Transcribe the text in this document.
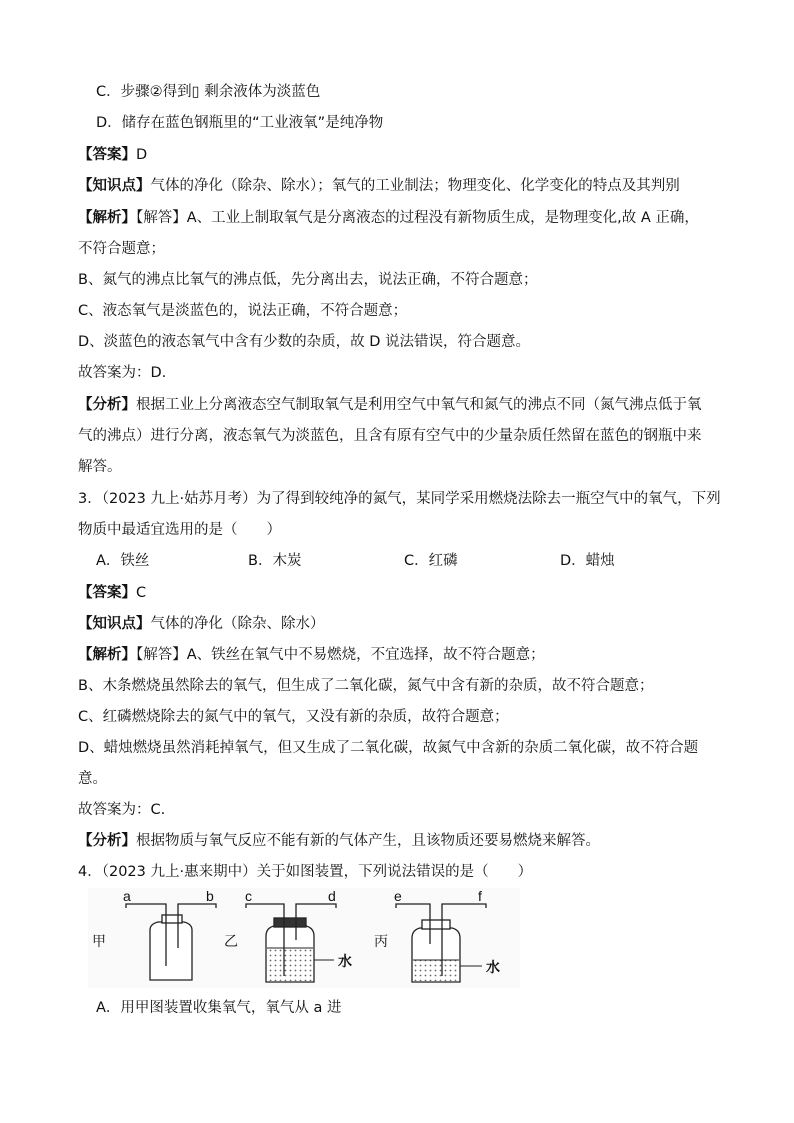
C．步骤②得到▯ 剩余液体为淡蓝色
D．储存在蓝色钢瓶里的“工业液氧”是纯净物
【答案】D
【知识点】气体的净化（除杂、除水）；氧气的工业制法；物理变化、化学变化的特点及其判别
【解析】【解答】A、工业上制取氧气是分离液态的过程没有新物质生成，是物理变化,故 A 正确，
不符合题意；
B、氮气的沸点比氧气的沸点低，先分离出去，说法正确，不符合题意；
C、液态氧气是淡蓝色的，说法正确，不符合题意；
D、淡蓝色的液态氧气中含有少数的杂质，故 D 说法错误，符合题意。
故答案为：D.
【分析】根据工业上分离液态空气制取氧气是利用空气中氧气和氮气的沸点不同（氮气沸点低于氧
气的沸点）进行分离，液态氧气为淡蓝色，且含有原有空气中的少量杂质任然留在蓝色的钢瓶中来
解答。
3．（2023 九上·姑苏月考）为了得到较纯净的氮气，某同学采用燃烧法除去一瓶空气中的氧气，下列
物质中最适宜选用的是（　　）
A．铁丝	B．木炭	C．红磷	D．蜡烛
【答案】C
【知识点】气体的净化（除杂、除水）
【解析】【解答】A、铁丝在氧气中不易燃烧，不宜选择，故不符合题意；
B、木条燃烧虽然除去的氧气，但生成了二氧化碳，氮气中含有新的杂质，故不符合题意；
C、红磷燃烧除去的氮气中的氧气，又没有新的杂质，故符合题意；
D、蜡烛燃烧虽然消耗掉氧气，但又生成了二氧化碳，故氮气中含新的杂质二氧化碳，故不符合题
意。
故答案为：C.
【分析】根据物质与氧气反应不能有新的气体产生，且该物质还要易燃烧来解答。
4．（2023 九上·惠来期中）关于如图装置，下列说法错误的是（　　）
a	b
甲
c	d
乙
水
e	f
丙
水
A．用甲图装置收集氧气，氧气从 a 进
